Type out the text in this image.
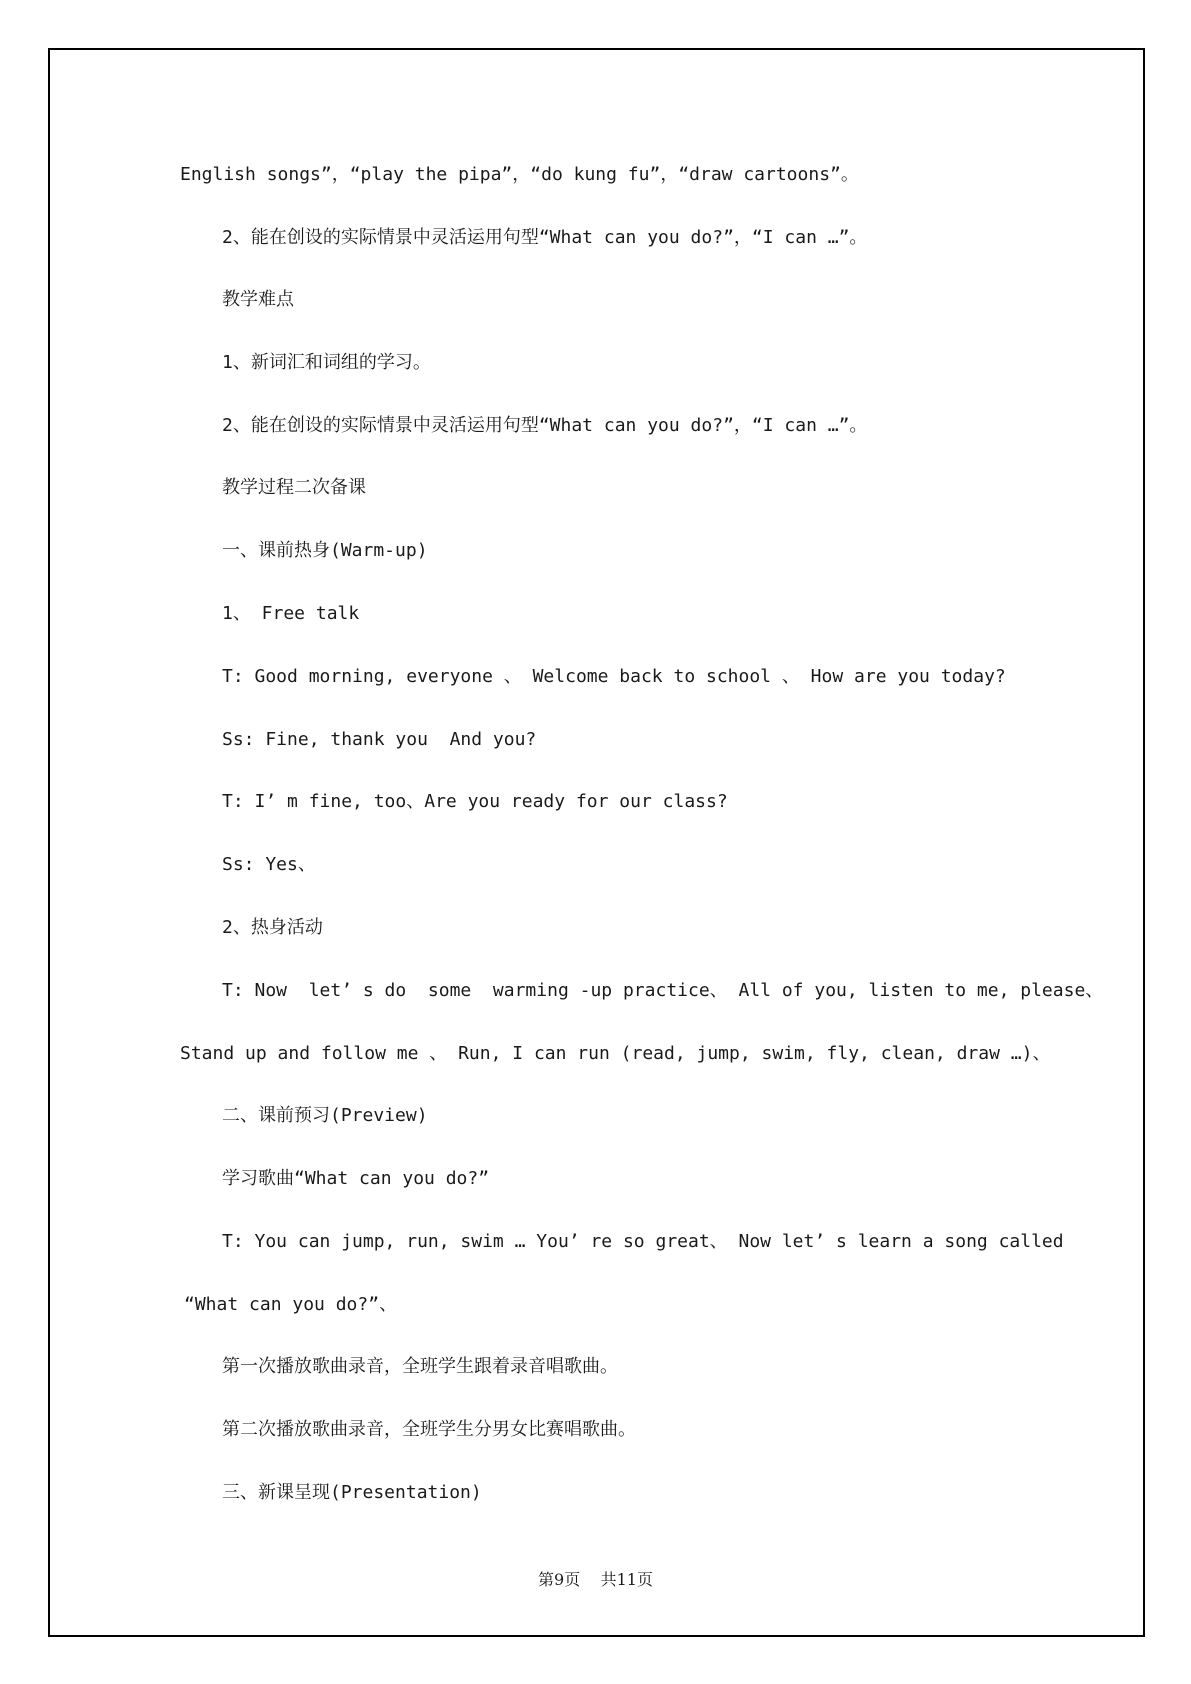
English songs”，“play the pipa”，“do kung fu”，“draw cartoons”。
2、能在创设的实际情景中灵活运用句型“What can you do?”，“I can …”。
教学难点
1、新词汇和词组的学习。
2、能在创设的实际情景中灵活运用句型“What can you do?”，“I can …”。
教学过程二次备课
一、课前热身(Warm-up)
1、 Free talk
T: Good morning, everyone 、 Welcome back to school 、 How are you today?
Ss: Fine, thank you  And you?
T: I’ m fine, too、Are you ready for our class?
Ss: Yes、
2、热身活动
T: Now  let’ s do  some  warming -up practice、 All of you, listen to me, please、
Stand up and follow me 、 Run, I can run (read, jump, swim, fly, clean, draw …)、
二、课前预习(Preview)
学习歌曲“What can you do?”
T: You can jump, run, swim … You’ re so great、 Now let’ s learn a song called
“What can you do?”、
第一次播放歌曲录音，全班学生跟着录音唱歌曲。
第二次播放歌曲录音，全班学生分男女比赛唱歌曲。
三、新课呈现(Presentation)
第9页 共11页
